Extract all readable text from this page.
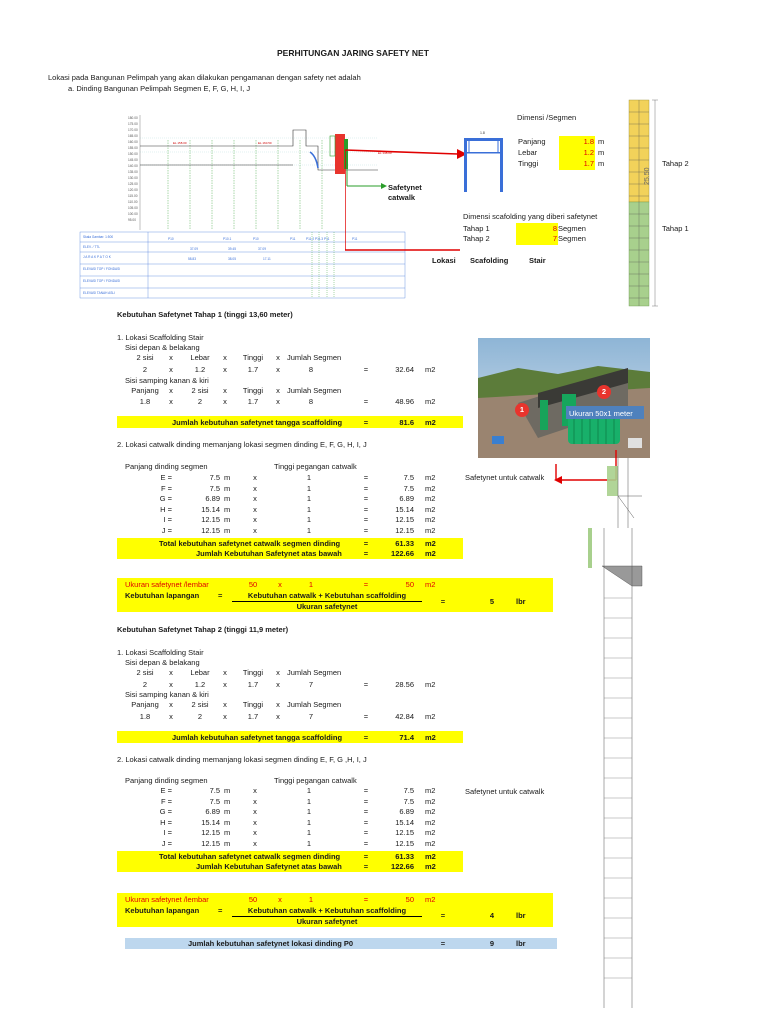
PERHITUNGAN JARING SAFETY NET
Lokasi pada Bangunan Pelimpah yang akan dilakukan pengamanan dengan safety net adalah
a. Dinding Bangunan Pelimpah Segmen E, F, G, H, I, J
180.00
175.00
170.00
165.00
160.00
155.00
150.00
145.00
140.00
135.00
130.00
125.00
120.00
115.00
110.00
105.00
100.00
95.00
EL 158.00	EL 160.50
EL 148.00
P10	P10.1	P10	P11	P11.2 P11.3 P11	P11
Skala Gambar: 1:500
ELEV. / TTL
J A R A K P A T O K
ELEVASI TOP / FONDASI
ELEVASI TOP / FONDASI
ELEVASI TANAH ASLI
37.09	39.45	37.09
58.83	38.05	17.11
Safetynet
catwalk
1.8
Dimensi /Segmen
Panjang	1.8 m
Lebar	1.2 m
Tinggi	1.7 m
Dimensi scafolding yang diberi safetynet
Tahap 1	8 Segmen
Tahap 2	7 Segmen
Lokasi Scafolding	Stair
25.50
Tahap 2
Tahap 1
1
2
Ukuran 50x1 meter
Kebutuhan Safetynet Tahap 1 (tinggi 13,60 meter)
1. Lokasi Scaffolding Stair
Sisi depan & belakang
2 sisi	x	Lebar	x	Tinggi	x Jumlah Segmen
2	x	1.2	x	1.7	x	8	=	32.64 m2
Sisi samping kanan & kiri
Panjang	x	2 sisi	x	Tinggi	x Jumlah Segmen
1.8	x	2	x	1.7	x	8	=	48.96 m2
Jumlah kebutuhan safetynet tangga scaffolding	=	81.6 m2
2. Lokasi catwalk dinding memanjang lokasi segmen dinding E, F, G, H, I, J
Panjang dinding segmen	Tinggi pegangan catwalk
Safetynet untuk catwalk
E =	7.5 m	x	1	=	7.5 m2
F =	7.5 m	x	1	=	7.5 m2
G =	6.89 m	x	1	=	6.89 m2
H =	15.14 m	x	1	=	15.14 m2
I =	12.15 m	x	1	=	12.15 m2
J =	12.15 m	x	1	=	12.15 m2
Total kebutuhan safetynet catwalk segmen dinding	=	61.33 m2
Jumlah Kebutuhan Safetynet atas bawah	=	122.66 m2
Ukuran safetynet /lembar	50	x	1	=	50 m2
Kebutuhan lapangan	=	Kebutuhan catwalk + Kebutuhan scaffolding
Ukuran safetynet
=	5	lbr
Kebutuhan Safetynet Tahap 2 (tinggi 11,9 meter)
1. Lokasi Scaffolding Stair
Sisi depan & belakang
2 sisi	x	Lebar	x	Tinggi	x Jumlah Segmen
2	x	1.2	x	1.7	x	7	=	28.56 m2
Sisi samping kanan & kiri
Panjang	x	2 sisi	x	Tinggi	x Jumlah Segmen
1.8	x	2	x	1.7	x	7	=	42.84 m2
Jumlah kebutuhan safetynet tangga scaffolding	=	71.4 m2
2. Lokasi catwalk dinding memanjang lokasi segmen dinding E, F, G ,H, I, J
Panjang dinding segmen	Tinggi pegangan catwalk
Safetynet untuk catwalk
E =	7.5 m	x	1	=	7.5 m2
F =	7.5 m	x	1	=	7.5 m2
G =	6.89 m	x	1	=	6.89 m2
H =	15.14 m	x	1	=	15.14 m2
I =	12.15 m	x	1	=	12.15 m2
J =	12.15 m	x	1	=	12.15 m2
Total kebutuhan safetynet catwalk segmen dinding	=	61.33 m2
Jumlah Kebutuhan Safetynet atas bawah	=	122.66 m2
Ukuran safetynet /lembar	50	x	1	=	50 m2
Kebutuhan lapangan	=	Kebutuhan catwalk + Kebutuhan scaffolding
Ukuran safetynet
=	4	lbr
Jumlah kebutuhan safetynet lokasi dinding P0	=	9	lbr
